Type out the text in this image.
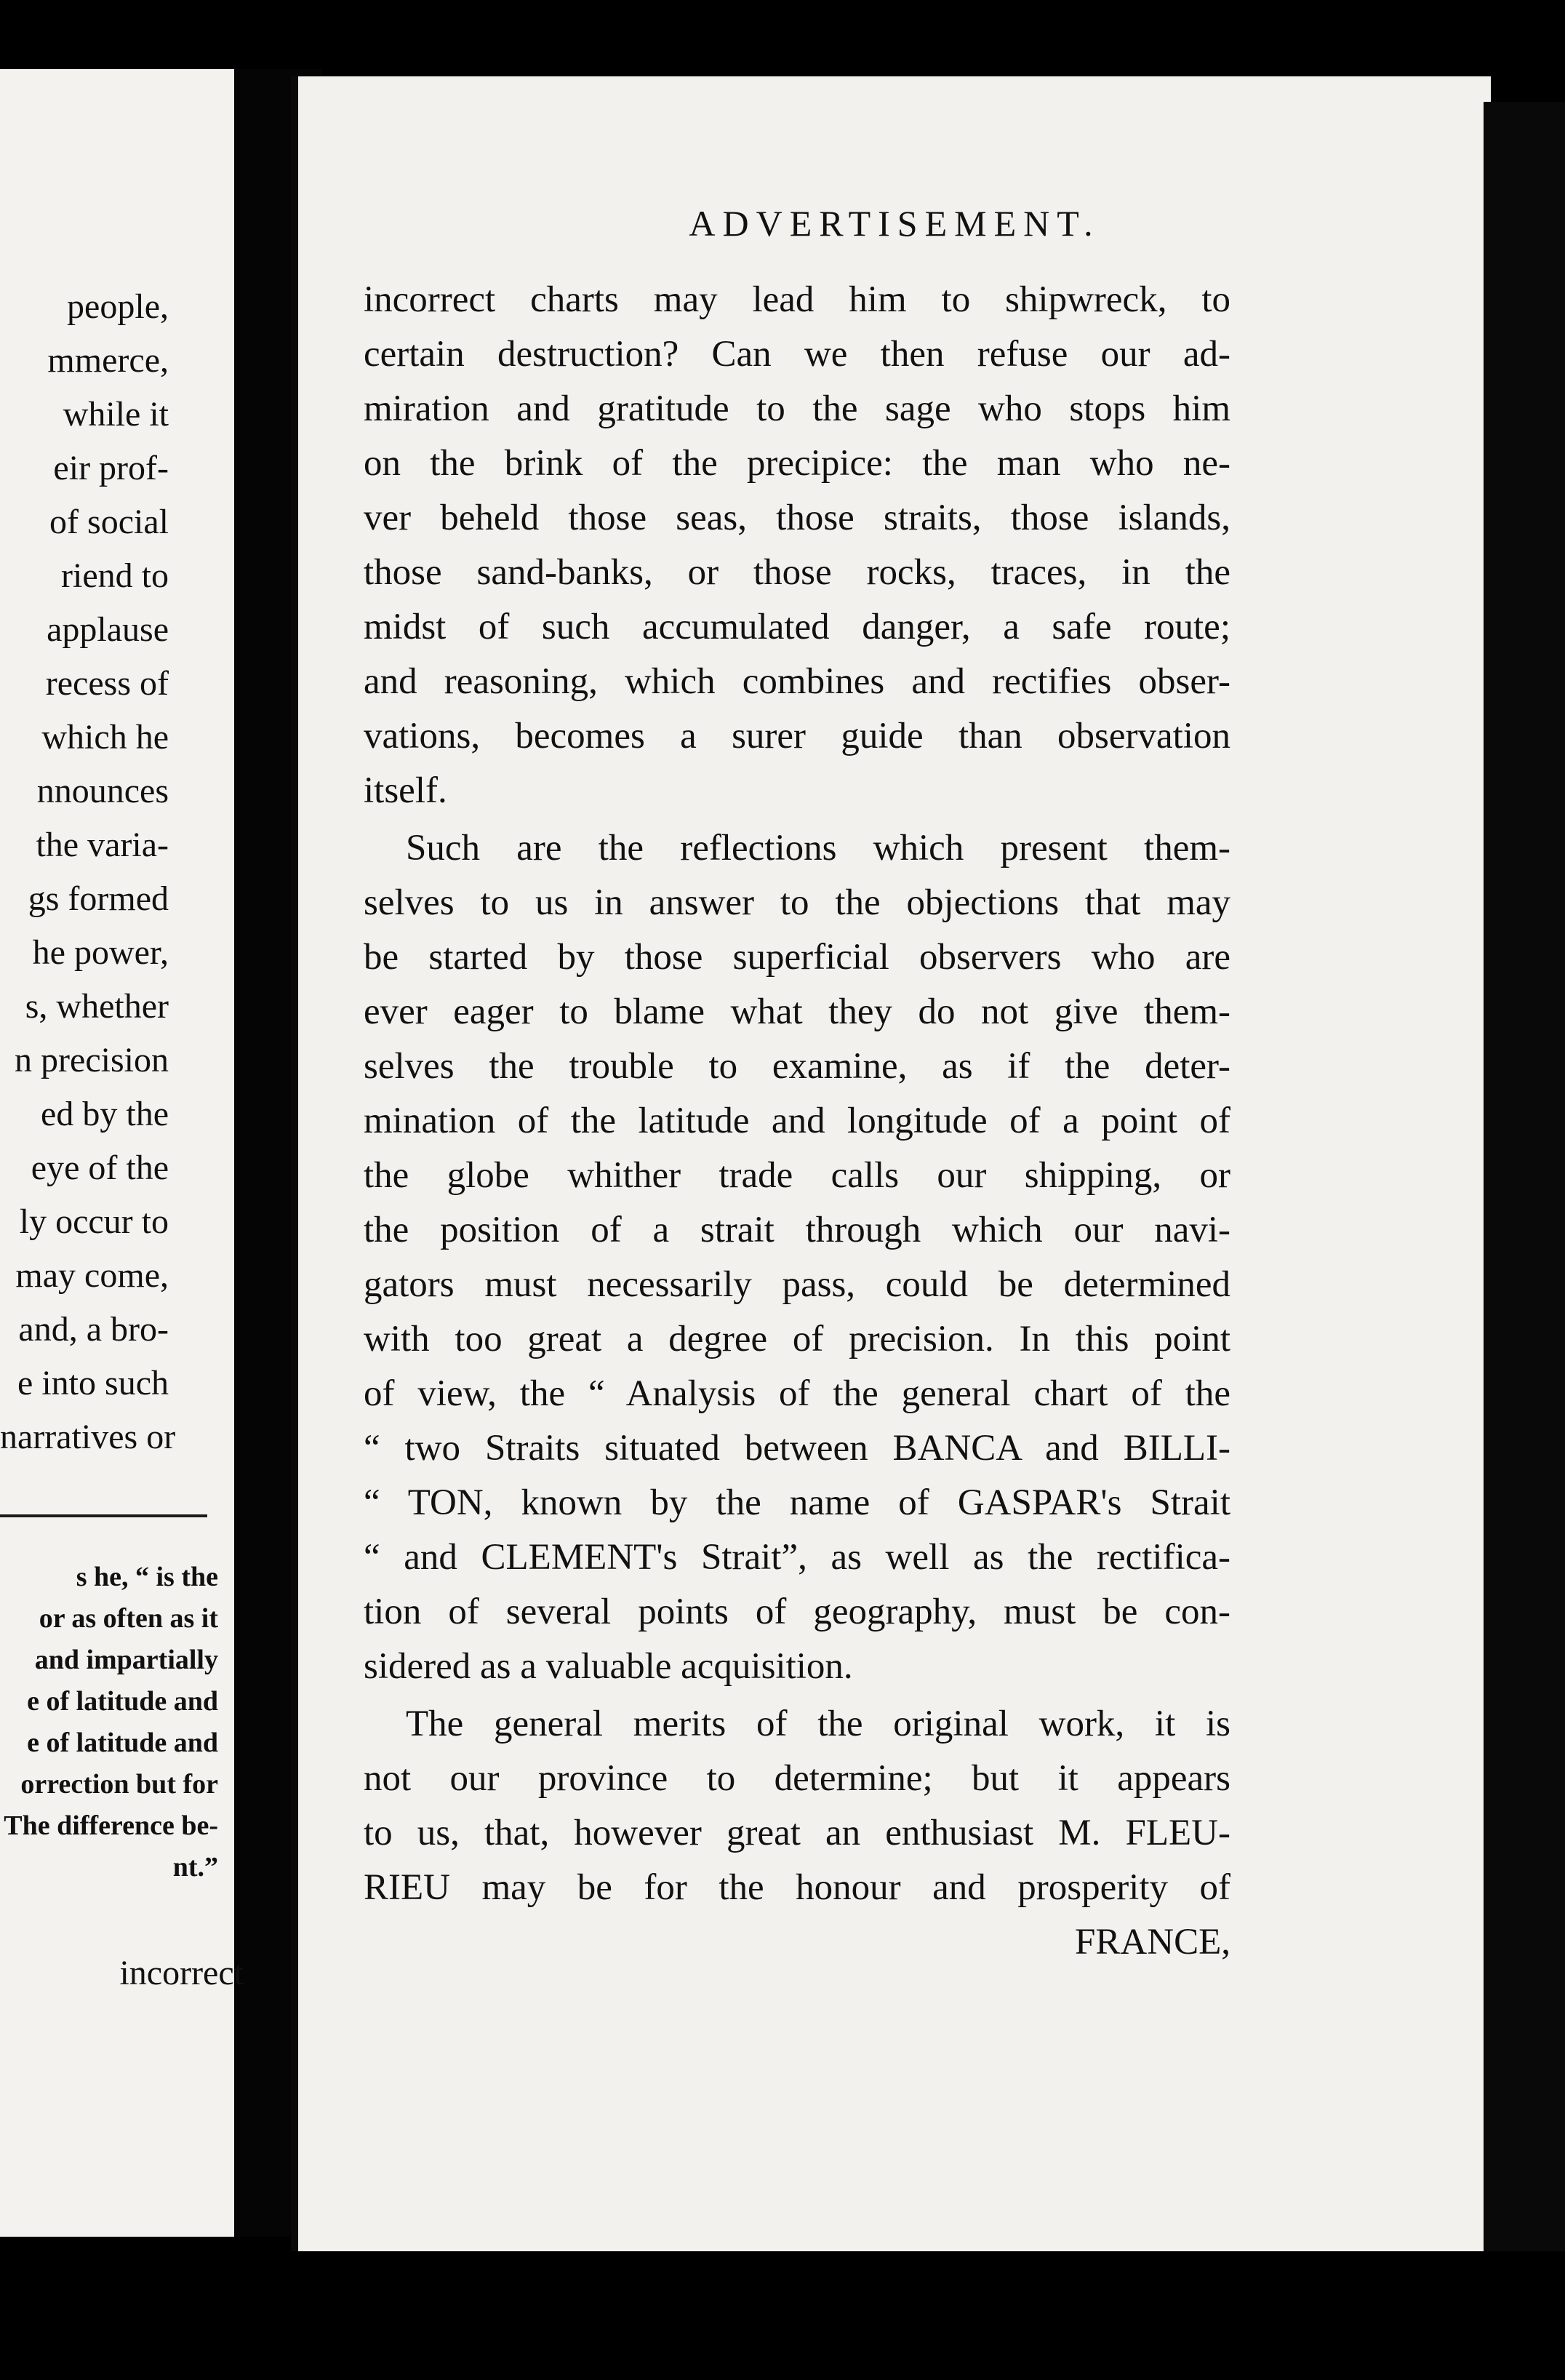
people,
mmerce,
while it
eir prof-
of social
riend to
applause
recess of
which he
nnounces
the varia-
gs formed
he power,
s, whether
n precision
ed by the
eye of the
ly occur to
may come,
and, a bro-
e into such
narratives or
s he, “ is the
or as often as it
and impartially
e of latitude and
e of latitude and
orrection but for
The difference be-
nt.”
incorrect
ADVERTISEMENT.
incorrect charts may lead him to shipwreck, to
certain destruction? Can we then refuse our ad-
miration and gratitude to the sage who stops him
on the brink of the precipice: the man who ne-
ver beheld those seas, those straits, those islands,
those sand-banks, or those rocks, traces, in the
midst of such accumulated danger, a safe route;
and reasoning, which combines and rectifies obser-
vations, becomes a surer guide than observation
itself.
Such are the reflections which present them-
selves to us in answer to the objections that may
be started by those superficial observers who are
ever eager to blame what they do not give them-
selves the trouble to examine, as if the deter-
mination of the latitude and longitude of a point of
the globe whither trade calls our shipping, or
the position of a strait through which our navi-
gators must necessarily pass, could be determined
with too great a degree of precision. In this point
of view, the “ Analysis of the general chart of the
“ two Straits situated between BANCA and BILLI-
“ TON, known by the name of GASPAR's Strait
“ and CLEMENT's Strait”, as well as the rectifica-
tion of several points of geography, must be con-
sidered as a valuable acquisition.
The general merits of the original work, it is
not our province to determine; but it appears
to us, that, however great an enthusiast M. FLEU-
RIEU may be for the honour and prosperity of
FRANCE,
